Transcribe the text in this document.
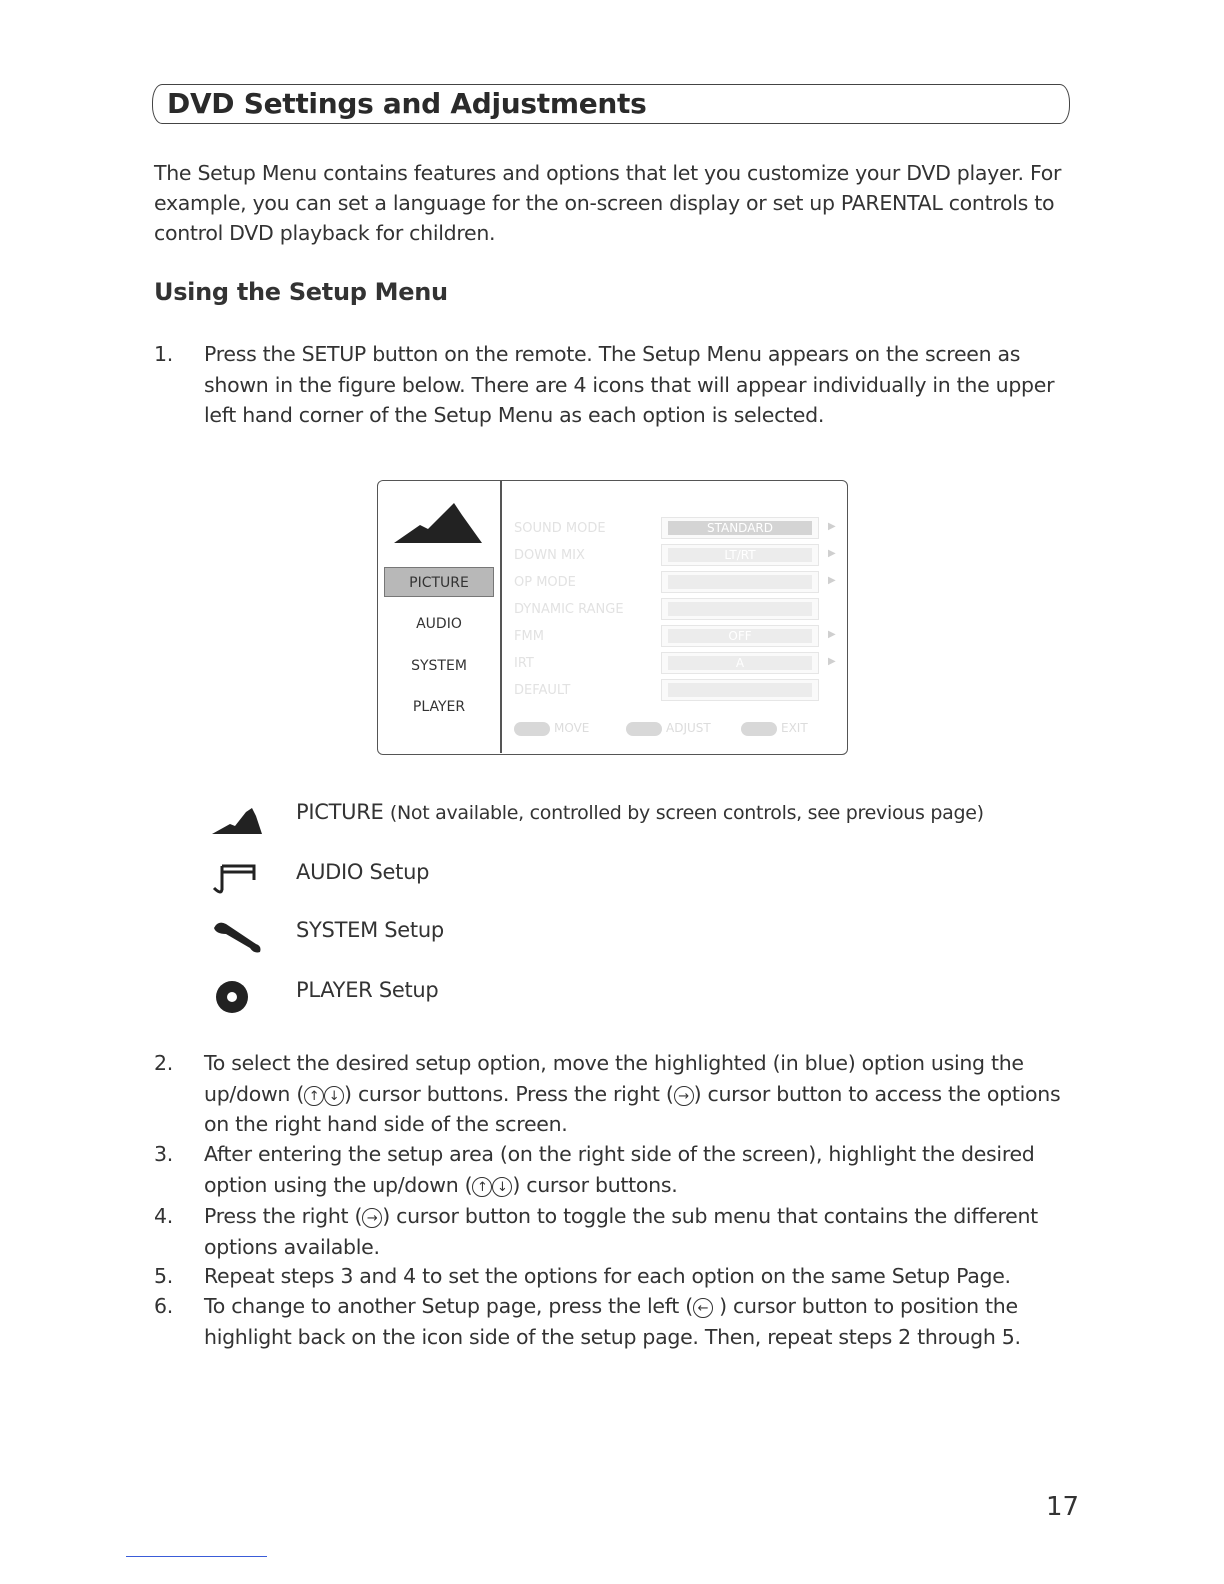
DVD Settings and Adjustments
The Setup Menu contains features and options that let you customize your DVD player. For example, you can set a language for the on-screen display or set up PARENTAL controls to control DVD playback for children.
Using the Setup Menu
1. Press the SETUP button on the remote. The Setup Menu appears on the screen as shown in the figure below. There are 4 icons that will appear individually in the upper left hand corner of the Setup Menu as each option is selected.
PICTURE
AUDIO
SYSTEM
PLAYER
SOUND MODE
DOWN MIX
OP MODE
DYNAMIC RANGE
FMM
IRT
DEFAULT
STANDARD
LT/RT
OFF
A
▶
▶
▶
▶
▶
MOVE	ADJUST	EXIT
PICTURE (Not available, controlled by screen controls, see previous page)
AUDIO Setup
SYSTEM Setup
PLAYER Setup
2. To select the desired setup option, move the highlighted (in blue) option using the up/down ( ↑ ↓ ) cursor buttons. Press the right ( → ) cursor button to access the options on the right hand side of the screen.
3. After entering the setup area (on the right side of the screen), highlight the desired option using the up/down ( ↑ ↓ ) cursor buttons.
4. Press the right ( → ) cursor button to toggle the sub menu that contains the different options available.
5. Repeat steps 3 and 4 to set the options for each option on the same Setup Page.
6. To change to another Setup page, press the left ( ← ) cursor button to position the highlight back on the icon side of the setup page. Then, repeat steps 2 through 5.
17
